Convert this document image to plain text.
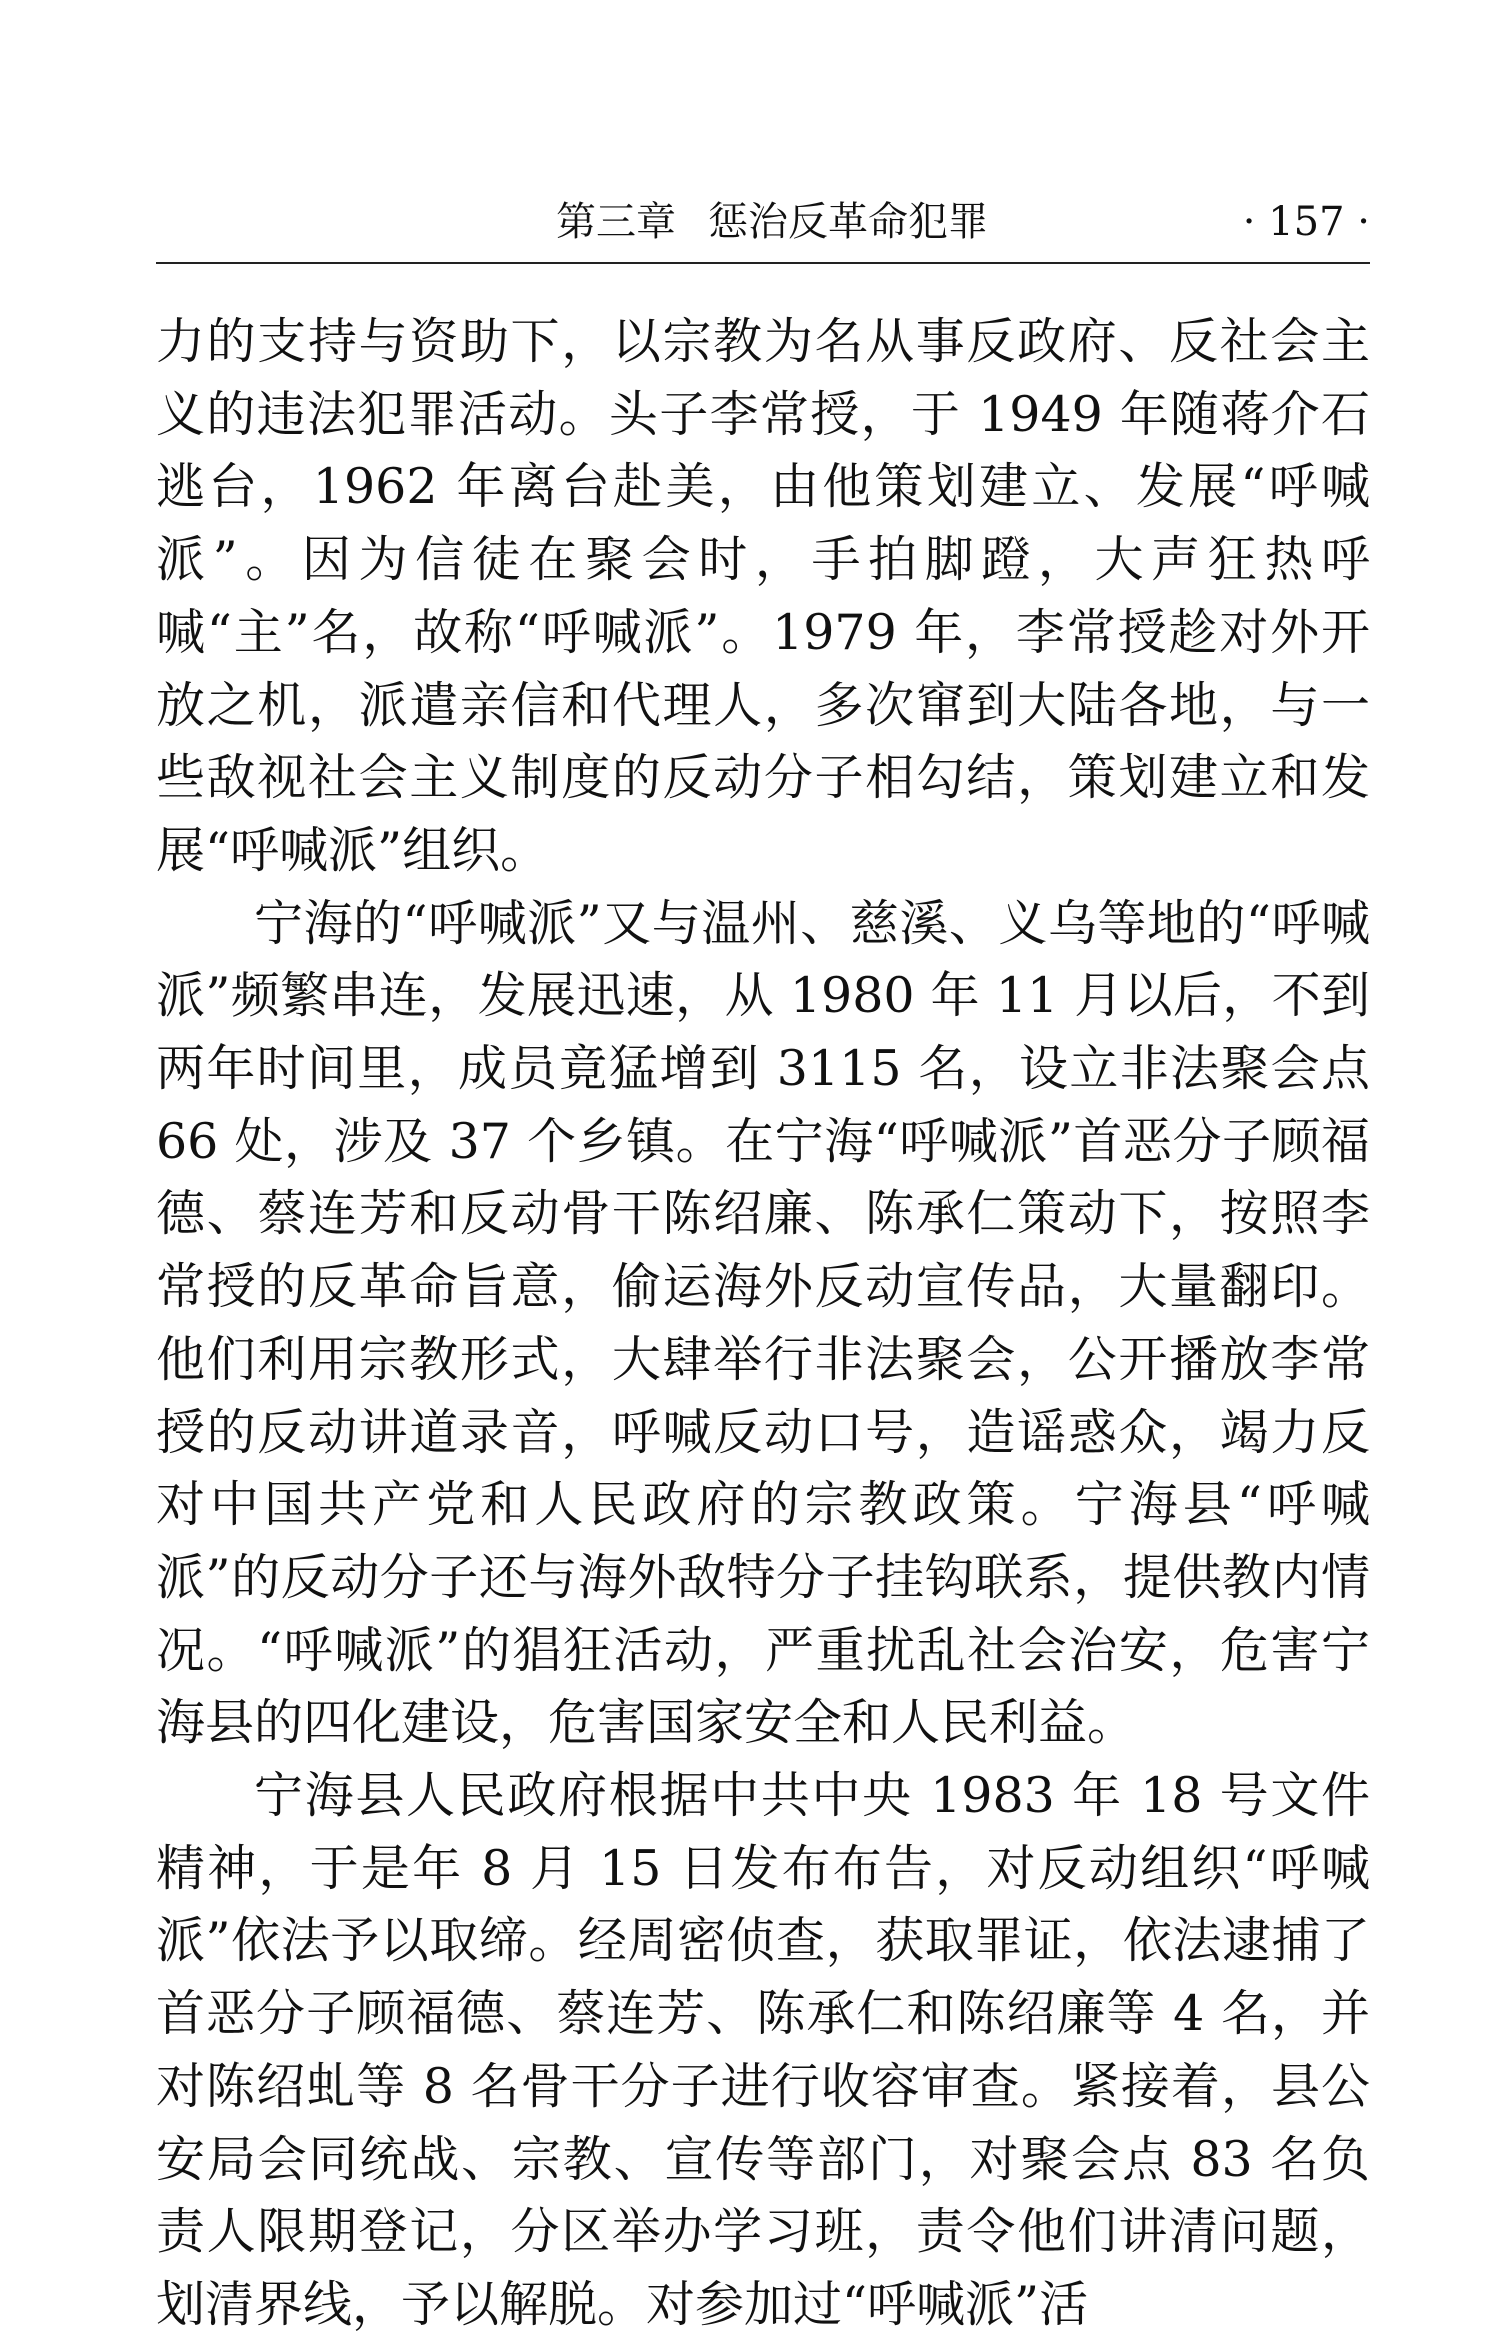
第三章 惩治反革命犯罪	· 157 ·

力的支持与资助下，以宗教为名从事反政府、反社会主义的违法犯罪活动。头子李常授，于 1949 年随蒋介石逃台，1962 年离台赴美，由他策划建立、发展“呼喊派”。因为信徒在聚会时，手拍脚蹬，大声狂热呼喊“主”名，故称“呼喊派”。1979 年，李常授趁对外开放之机，派遣亲信和代理人，多次窜到大陆各地，与一些敌视社会主义制度的反动分子相勾结，策划建立和发展“呼喊派”组织。

宁海的“呼喊派”又与温州、慈溪、义乌等地的“呼喊派”频繁串连，发展迅速，从 1980 年 11 月以后，不到两年时间里，成员竟猛增到 3115 名，设立非法聚会点 66 处，涉及 37 个乡镇。在宁海“呼喊派”首恶分子顾福德、蔡连芳和反动骨干陈绍廉、陈承仁策动下，按照李常授的反革命旨意，偷运海外反动宣传品，大量翻印。他们利用宗教形式，大肆举行非法聚会，公开播放李常授的反动讲道录音，呼喊反动口号，造谣惑众，竭力反对中国共产党和人民政府的宗教政策。宁海县“呼喊派”的反动分子还与海外敌特分子挂钩联系，提供教内情况。“呼喊派”的猖狂活动，严重扰乱社会治安，危害宁海县的四化建设，危害国家安全和人民利益。

宁海县人民政府根据中共中央 1983 年 18 号文件精神，于是年 8 月 15 日发布布告，对反动组织“呼喊派”依法予以取缔。经周密侦查，获取罪证，依法逮捕了首恶分子顾福德、蔡连芳、陈承仁和陈绍廉等 4 名，并对陈绍虬等 8 名骨干分子进行收容审查。紧接着，县公安局会同统战、宗教、宣传等部门，对聚会点 83 名负责人限期登记，分区举办学习班，责令他们讲清问题，划清界线，予以解脱。对参加过“呼喊派”活
